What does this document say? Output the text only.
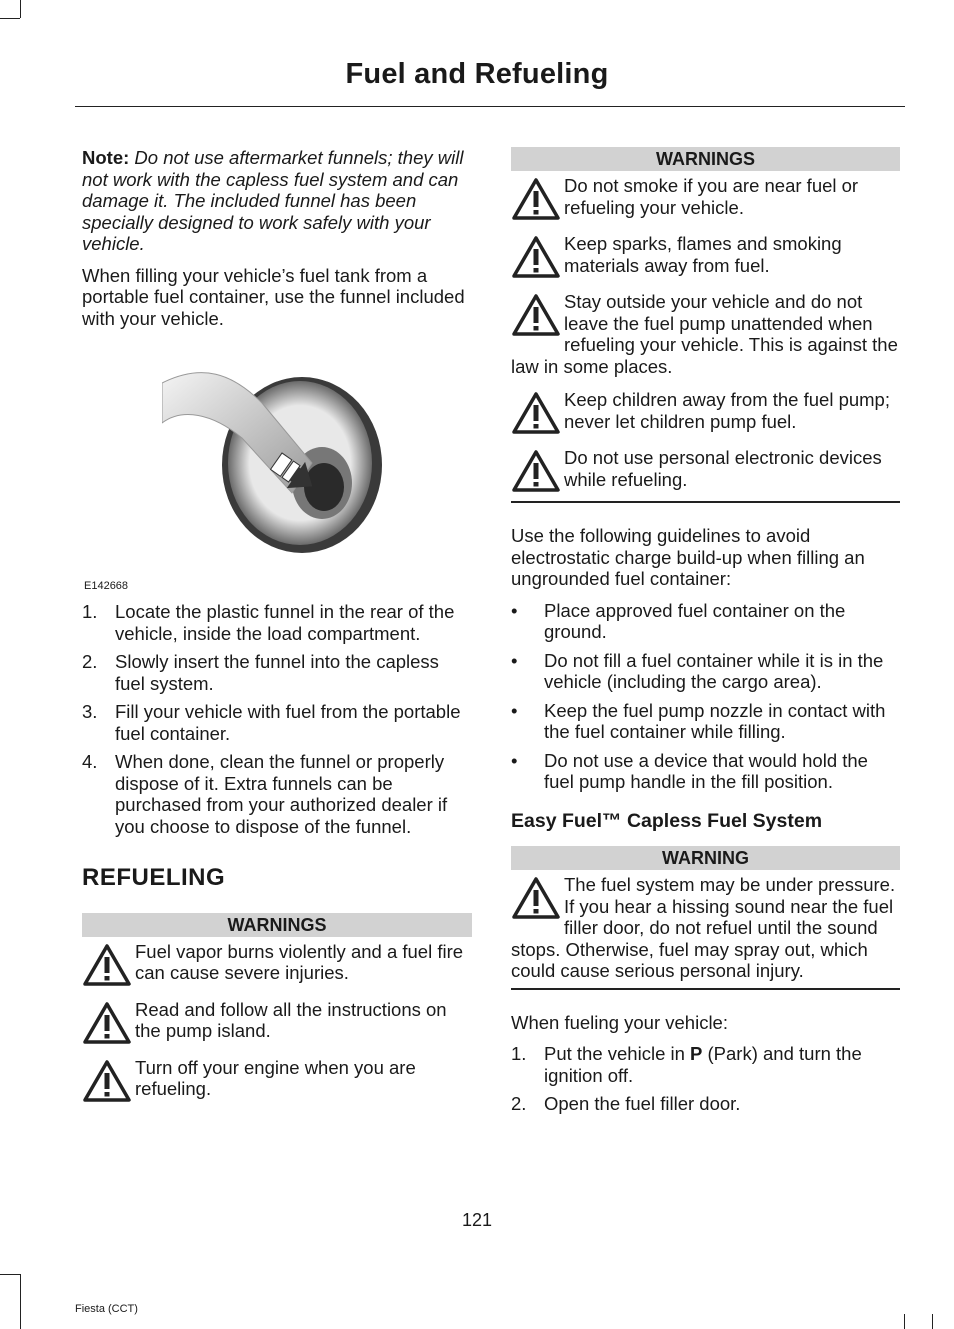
Fuel and Refueling

Note: Do not use aftermarket funnels; they will not work with the capless fuel system and can damage it. The included funnel has been specially designed to work safely with your vehicle.

When filling your vehicle’s fuel tank from a portable fuel container, use the funnel included with your vehicle.

E142668
1. Locate the plastic funnel in the rear of the vehicle, inside the load compartment.
2. Slowly insert the funnel into the capless fuel system.
3. Fill your vehicle with fuel from the portable fuel container.
4. When done, clean the funnel or properly dispose of it. Extra funnels can be purchased from your authorized dealer if you choose to dispose of the funnel.
REFUELING
WARNINGS
Fuel vapor burns violently and a fuel fire can cause severe injuries.
Read and follow all the instructions on the pump island.
Turn off your engine when you are refueling.
WARNINGS
Do not smoke if you are near fuel or refueling your vehicle.
Keep sparks, flames and smoking materials away from fuel.
Stay outside your vehicle and do not leave the fuel pump unattended when refueling your vehicle. This is against the law in some places.
Keep children away from the fuel pump; never let children pump fuel.
Do not use personal electronic devices while refueling.

Use the following guidelines to avoid electrostatic charge build-up when filling an ungrounded fuel container:

• Place approved fuel container on the ground.
• Do not fill a fuel container while it is in the vehicle (including the cargo area).
• Keep the fuel pump nozzle in contact with the fuel container while filling.
• Do not use a device that would hold the fuel pump handle in the fill position.
Easy Fuel™ Capless Fuel System
WARNING
The fuel system may be under pressure. If you hear a hissing sound near the fuel filler door, do not refuel until the sound stops. Otherwise, fuel may spray out, which could cause serious personal injury.

When fueling your vehicle:

1. Put the vehicle in P (Park) and turn the ignition off.
2. Open the fuel filler door.
121
Fiesta (CCT)
